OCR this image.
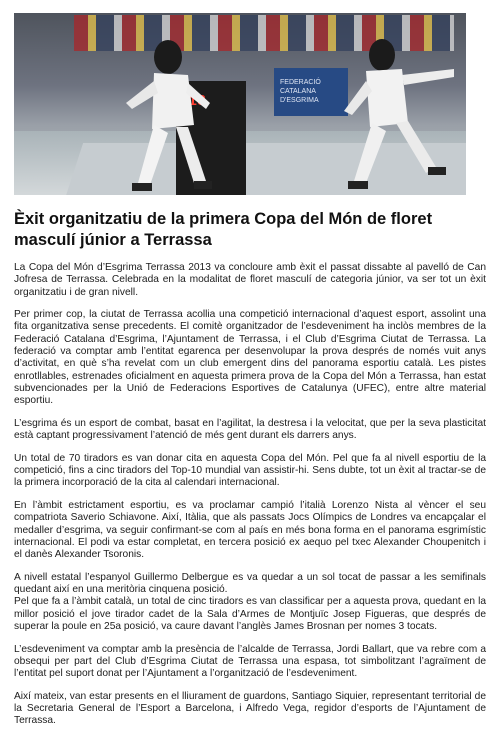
FEDERACIÓ CATALANA D'ESGRIMA
Èxit organitzatiu de la primera Copa del Món de floret masculí júnior a Terrassa

La Copa del Món d’Esgrima Terrassa 2013 va concloure amb èxit el passat dissabte al pavelló de Can Jofresa de Terrassa. Celebrada en la modalitat de floret masculí de categoria júnior, va ser tot un èxit organitzatiu i de gran nivell.

Per primer cop, la ciutat de Terrassa acollia una competició internacional d’aquest esport, assolint una fita organitzativa sense precedents. El comitè organitzador de l’esdeveniment ha inclòs membres de la Federació Catalana d’Esgrima, l’Ajuntament de Terrassa, i el Club d’Esgrima Ciutat de Terrassa. La federació va comptar amb l’entitat egarenca per desenvolupar la prova després de només vuit anys d’activitat, en què s’ha revelat com un club emergent dins del panorama esportiu català. Les pistes enrotllables, estrenades oficialment en aquesta primera prova de la Copa del Món a Terrassa, han estat subvencionades per la Unió de Federacions Esportives de Catalunya (UFEC), entre altre material esportiu.

L’esgrima és un esport de combat, basat en l’agilitat, la destresa i la velocitat, que per la seva plasticitat està captant progressivament l’atenció de més gent durant els darrers anys.

Un total de 70 tiradors es van donar cita en aquesta Copa del Món. Pel que fa al nivell esportiu de la competició, fins a cinc tiradors del Top-10 mundial van assistir-hi. Sens dubte, tot un èxit al tractar-se de la primera incorporació de la cita al calendari internacional.

En l’àmbit estrictament esportiu, es va proclamar campió l’italià Lorenzo Nista al vèncer el seu compatriota Saverio Schiavone. Així, Itàlia, que als passats Jocs Olímpics de Londres va encapçalar el medaller d’esgrima, va seguir confirmant-se com al país en més bona forma en el panorama esgrimístic internacional. El podi va estar completat, en tercera posició ex aequo pel txec Alexander Choupenitch i el danès Alexander Tsoronis.

A nivell estatal l’espanyol Guillermo Delbergue es va quedar a un sol tocat de passar a les semifinals quedant així en una meritòria cinquena posició.

Pel que fa a l’àmbit català, un total de cinc tiradors es van classificar per a aquesta prova, quedant en la millor posició el jove tirador cadet de la Sala d’Armes de Montjuïc Josep Figueras, que després de superar la poule en 25a posició, va caure davant l’anglès James Brosnan per nomes 3 tocats.

L’esdeveniment va comptar amb la presència de l’alcalde de Terrassa, Jordi Ballart, que va rebre com a obsequi per part del Club d’Esgrima Ciutat de Terrassa una espasa, tot simbolitzant l’agraïment de l’entitat pel suport donat per l’Ajuntament a l’organització de l’esdeveniment.

Així mateix, van estar presents en el lliurament de guardons, Santiago Siquier, representant territorial de la Secretaria General de l’Esport a Barcelona, i Alfredo Vega, regidor d’esports de l’Ajuntament de Terrassa.
